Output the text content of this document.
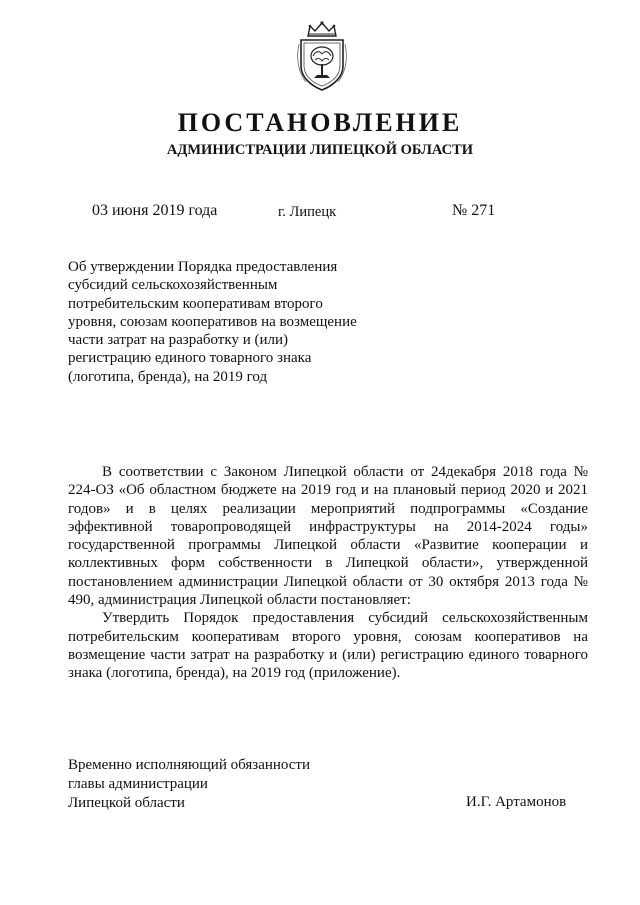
ПОСТАНОВЛЕНИЕ
АДМИНИСТРАЦИИ ЛИПЕЦКОЙ ОБЛАСТИ
03 июня 2019 года	г. Липецк	№ 271

Об утверждении Порядка предоставления субсидий сельскохозяйственным потребительским кооперативам второго уровня, союзам кооперативов на возмещение части затрат на разработку и (или) регистрацию единого товарного знака (логотипа, бренда), на 2019 год

В соответствии с Законом Липецкой области от 24декабря 2018 года № 224-ОЗ «Об областном бюджете на 2019 год и на плановый период 2020 и 2021 годов» и в целях реализации мероприятий подпрограммы «Создание эффективной товаропроводящей инфраструктуры на 2014-2024 годы» государственной программы Липецкой области «Развитие кооперации и коллективных форм собственности в Липецкой области», утвержденной постановлением администрации Липецкой области от 30 октября 2013 года № 490, администрация Липецкой области постановляет:

Утвердить Порядок предоставления субсидий сельскохозяйственным потребительским кооперативам второго уровня, союзам кооперативов на возмещение части затрат на разработку и (или) регистрацию единого товарного знака (логотипа, бренда), на 2019 год (приложение).

Временно исполняющий обязанности
главы администрации
Липецкой области	И.Г. Артамонов
